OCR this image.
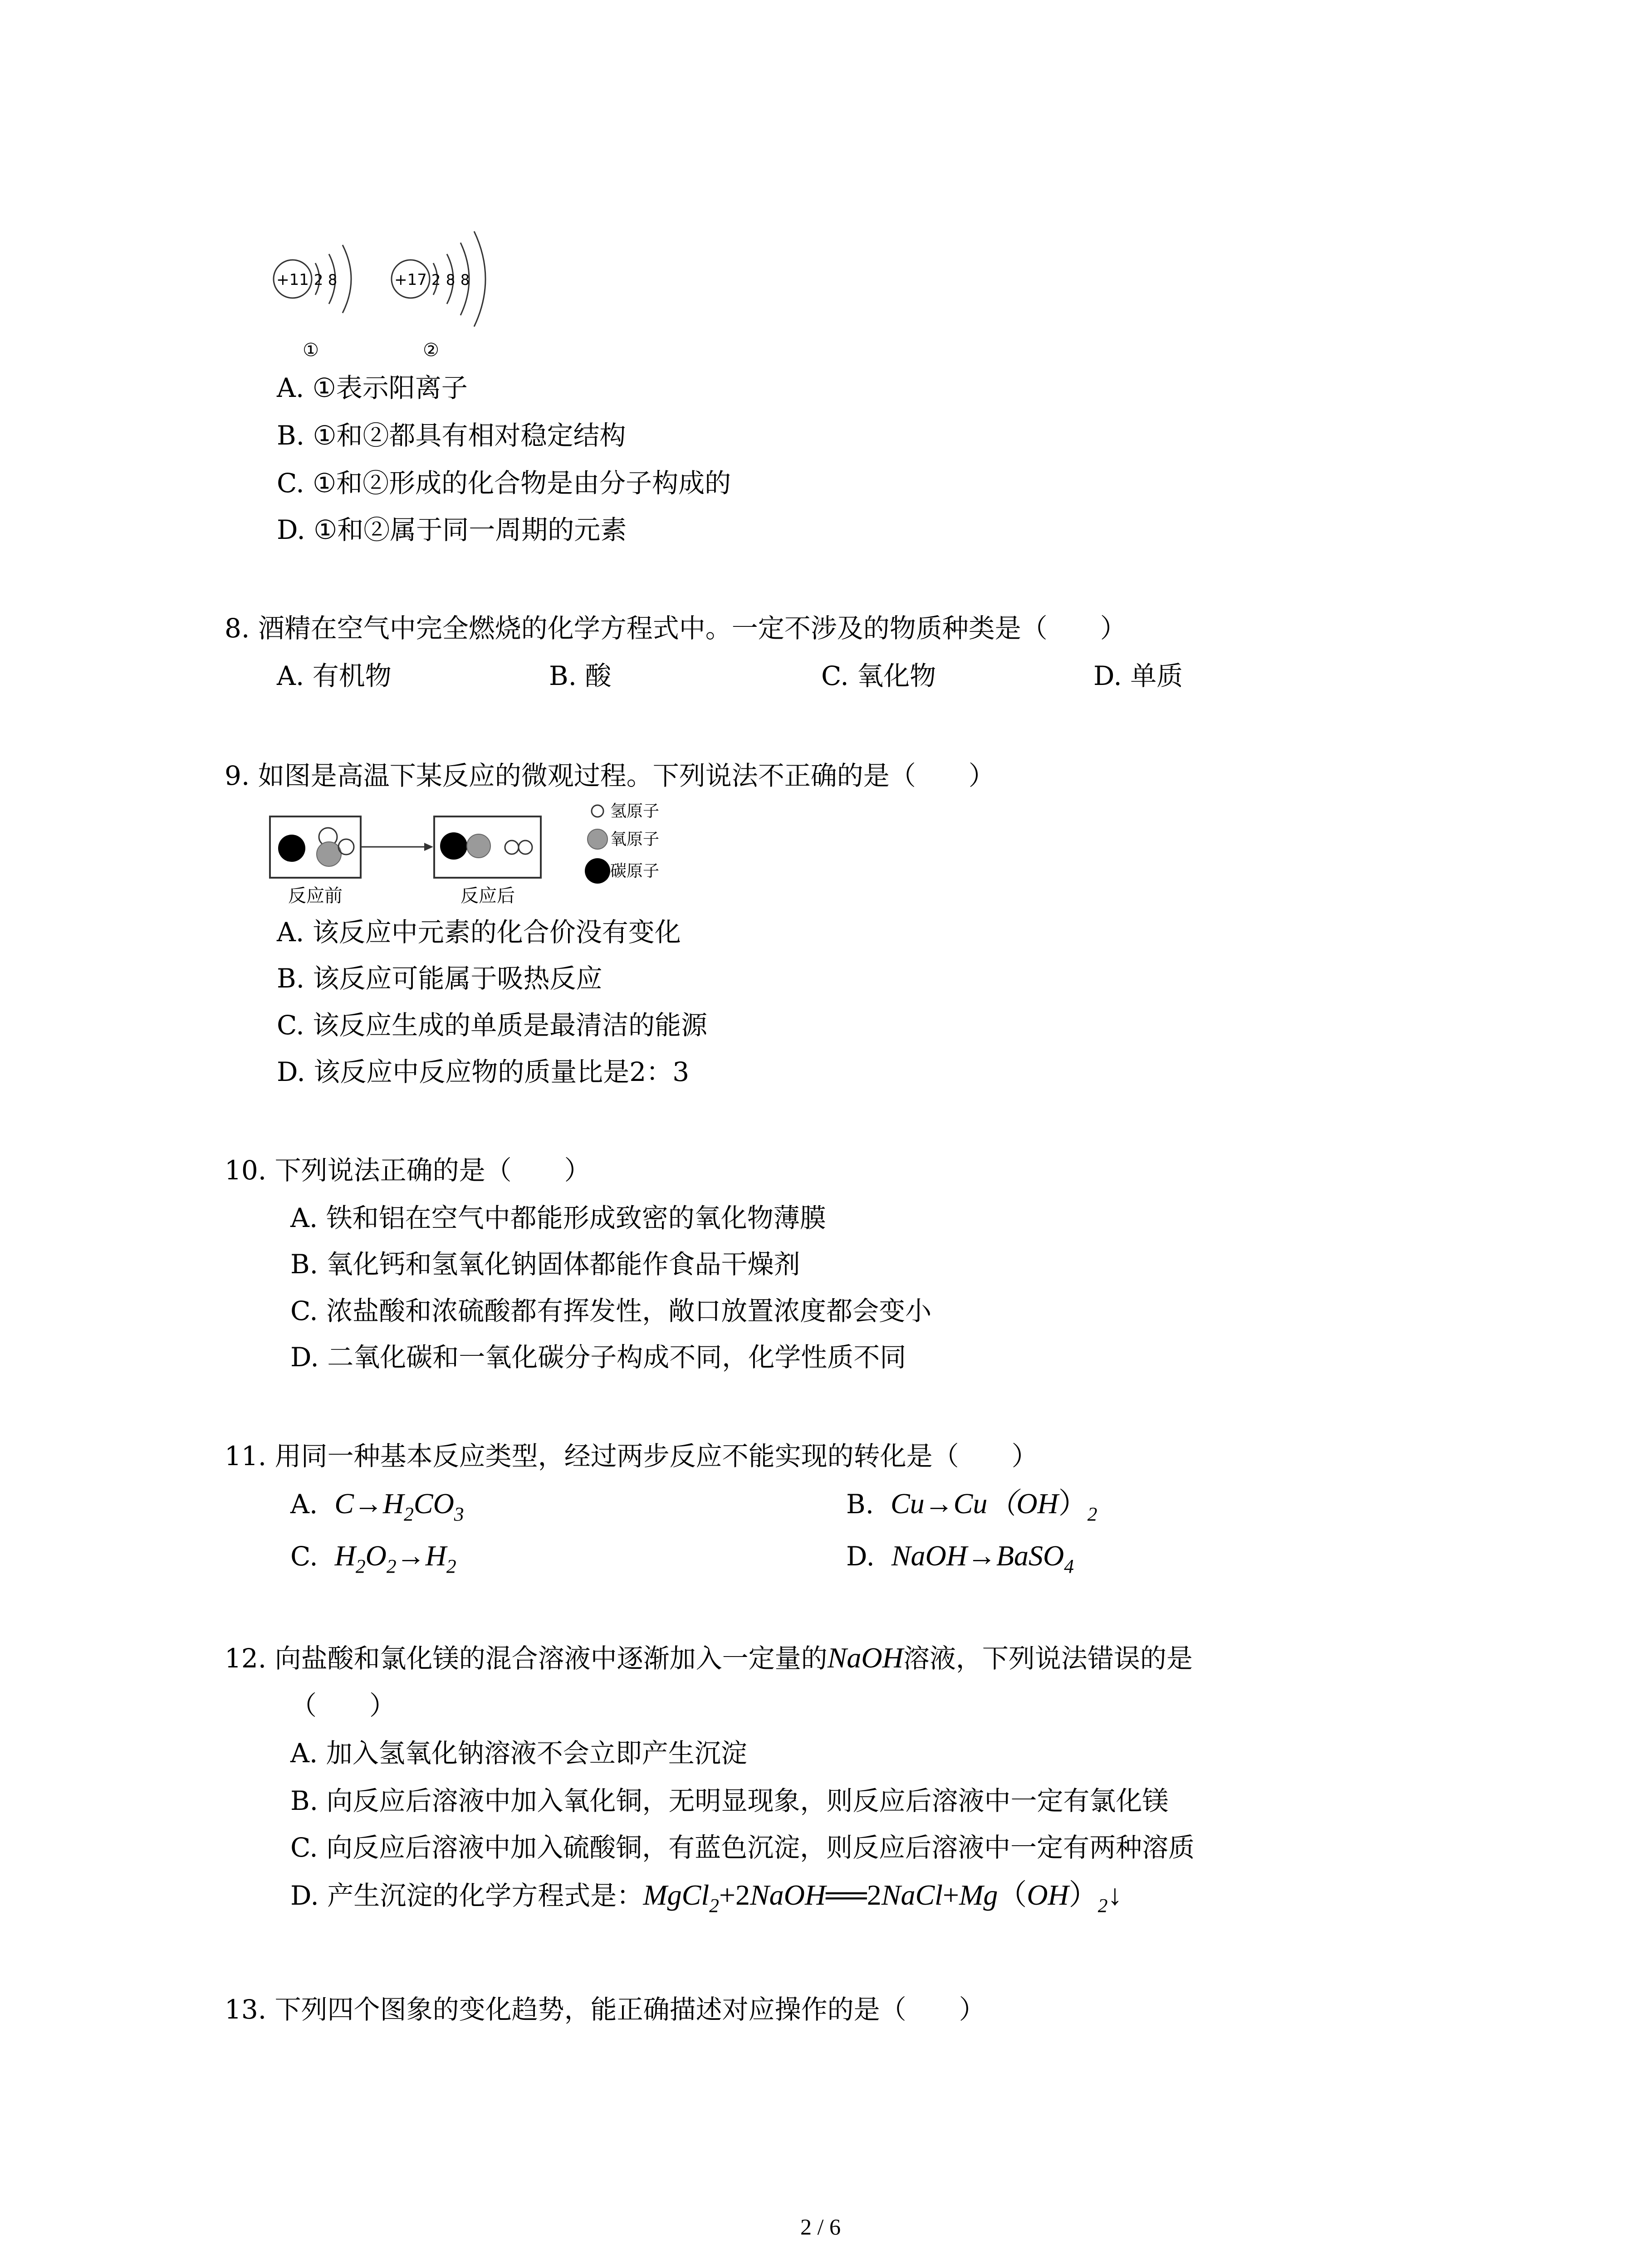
+11 2 8
①
+17 2 8 8
②
A. ①表示阳离子
B. ①和②都具有相对稳定结构
C. ①和②形成的化合物是由分子构成的
D. ①和②属于同一周期的元素
8. 酒精在空气中完全燃烧的化学方程式中。一定不涉及的物质种类是（　　）
A. 有机物	B. 酸	C. 氧化物	D. 单质
9. 如图是高温下某反应的微观过程。下列说法不正确的是（　　）
反应前	反应后
氢原子
氧原子
碳原子
A. 该反应中元素的化合价没有变化
B. 该反应可能属于吸热反应
C. 该反应生成的单质是最清洁的能源
D. 该反应中反应物的质量比是2：3
10. 下列说法正确的是（　　）
A. 铁和铝在空气中都能形成致密的氧化物薄膜
B. 氧化钙和氢氧化钠固体都能作食品干燥剂
C. 浓盐酸和浓硫酸都有挥发性，敞口放置浓度都会变小
D. 二氧化碳和一氧化碳分子构成不同，化学性质不同
11. 用同一种基本反应类型，经过两步反应不能实现的转化是（　　）
A. $C\to H_2CO_3$	B. $Cu\to Cu(OH)_2$
C. $H_2O_2\to H_2$	D. NaOH→BaSO$_4$
12. 向盐酸和氯化镁的混合溶液中逐渐加入一定量的NaOH溶液，下列说法错误的是
（　　）
A. 加入氢氧化钠溶液不会立即产生沉淀
B. 向反应后溶液中加入氧化铜，无明显现象，则反应后溶液中一定有氯化镁
C. 向反应后溶液中加入硫酸铜，有蓝色沉淀，则反应后溶液中一定有两种溶质
D. 产生沉淀的化学方程式是：$MgCl_2+2NaOH══2NaCl+Mg(OH)_2↓$
13. 下列四个图象的变化趋势，能正确描述对应操作的是（　　）
2 / 6
